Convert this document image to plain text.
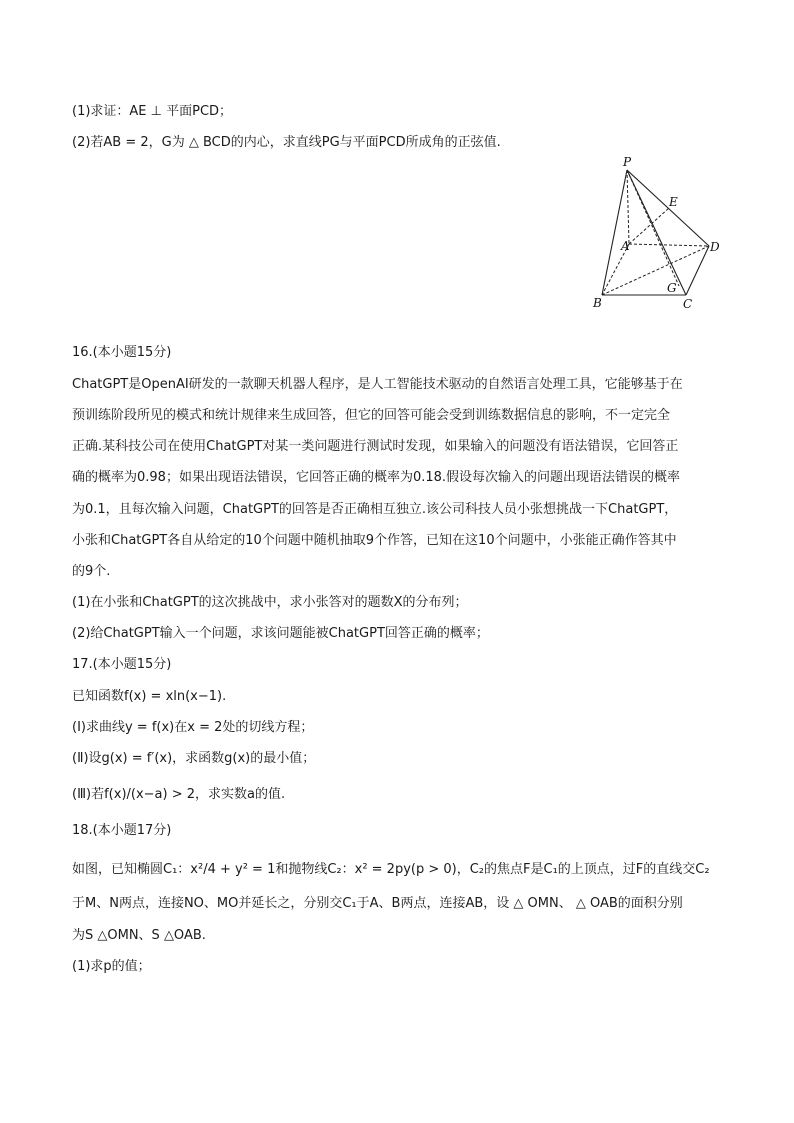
(1)求证：AE ⊥ 平面PCD；
(2)若AB = 2，G为 △ BCD的内心，求直线PG与平面PCD所成角的正弦值.
P
E
A	D
G
B	C
16.(本小题15分)
ChatGPT是OpenAI研发的一款聊天机器人程序，是人工智能技术驱动的自然语言处理工具，它能够基于在
预训练阶段所见的模式和统计规律来生成回答，但它的回答可能会受到训练数据信息的影响，不一定完全
正确.某科技公司在使用ChatGPT对某一类问题进行测试时发现，如果输入的问题没有语法错误，它回答正
确的概率为0.98；如果出现语法错误，它回答正确的概率为0.18.假设每次输入的问题出现语法错误的概率
为0.1，且每次输入问题，ChatGPT的回答是否正确相互独立.该公司科技人员小张想挑战一下ChatGPT，
小张和ChatGPT各自从给定的10个问题中随机抽取9个作答，已知在这10个问题中，小张能正确作答其中
的9个.
(1)在小张和ChatGPT的这次挑战中，求小张答对的题数X的分布列；
(2)给ChatGPT输入一个问题，求该问题能被ChatGPT回答正确的概率；
17.(本小题15分)
已知函数f(x) = xln(x−1).
(Ⅰ)求曲线y = f(x)在x = 2处的切线方程；
(Ⅱ)设g(x) = f′(x)，求函数g(x)的最小值；
(Ⅲ)若f(x)/(x−a) > 2，求实数a的值.
18.(本小题17分)
如图，已知椭圆C₁：x²/4 + y² = 1和抛物线C₂：x² = 2py(p > 0)，C₂的焦点F是C₁的上顶点，过F的直线交C₂
于M、N两点，连接NO、MO并延长之，分别交C₁于A、B两点，连接AB，设 △ OMN、 △ OAB的面积分别
为S △OMN、S △OAB.
(1)求p的值；
